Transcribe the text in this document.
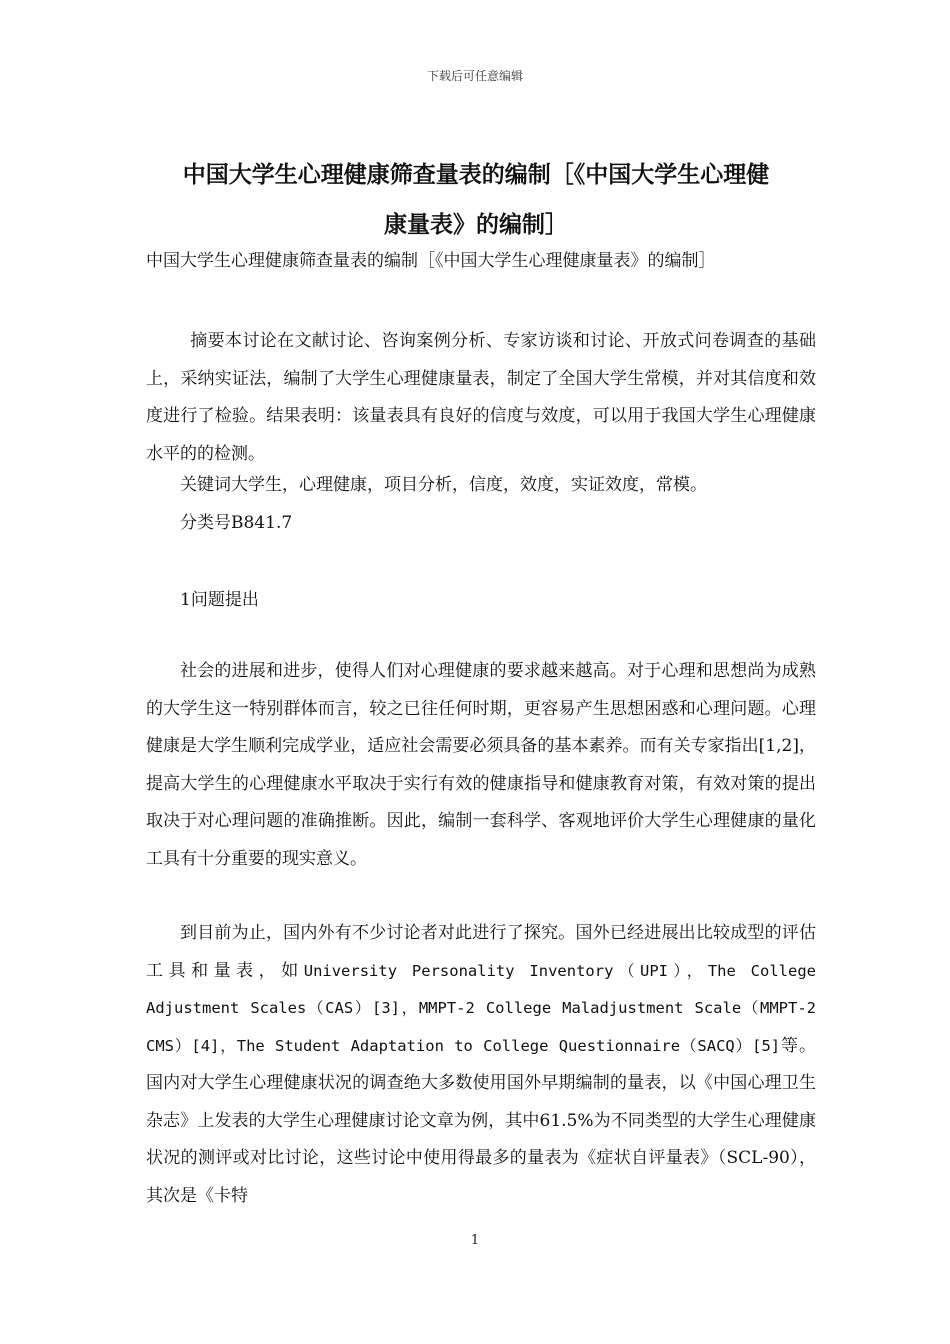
下载后可任意编辑
中国大学生心理健康筛查量表的编制［《中国大学生心理健
康量表》的编制］
中国大学生心理健康筛查量表的编制［《中国大学生心理健康量表》的编制］
摘要本讨论在文献讨论、咨询案例分析、专家访谈和讨论、开放式问卷调查的基础上，采纳实证法，编制了大学生心理健康量表，制定了全国大学生常模，并对其信度和效度进行了检验。结果表明：该量表具有良好的信度与效度，可以用于我国大学生心理健康水平的的检测。
关键词大学生，心理健康，项目分析，信度，效度，实证效度，常模。
分类号B841.7
1问题提出
社会的进展和进步，使得人们对心理健康的要求越来越高。对于心理和思想尚为成熟的大学生这一特别群体而言，较之已往任何时期，更容易产生思想困惑和心理问题。心理健康是大学生顺利完成学业，适应社会需要必须具备的基本素养。而有关专家指出[1,2]，提高大学生的心理健康水平取决于实行有效的健康指导和健康教育对策，有效对策的提出取决于对心理问题的准确推断。因此，编制一套科学、客观地评价大学生心理健康的量化工具有十分重要的现实意义。
到目前为止，国内外有不少讨论者对此进行了探究。国外已经进展出比较成型的评估工具和量表，如University Personality Inventory（UPI），The College Adjustment Scales（CAS）[3]，MMPT-2 College Maladjustment Scale（MMPT-2 CMS）[4]，The Student Adaptation to College Questionnaire（SACQ）[5]等。国内对大学生心理健康状况的调查绝大多数使用国外早期编制的量表，以《中国心理卫生杂志》上发表的大学生心理健康讨论文章为例，其中61.5%为不同类型的大学生心理健康状况的测评或对比讨论，这些讨论中使用得最多的量表为《症状自评量表》（SCL-90），其次是《卡特
1
